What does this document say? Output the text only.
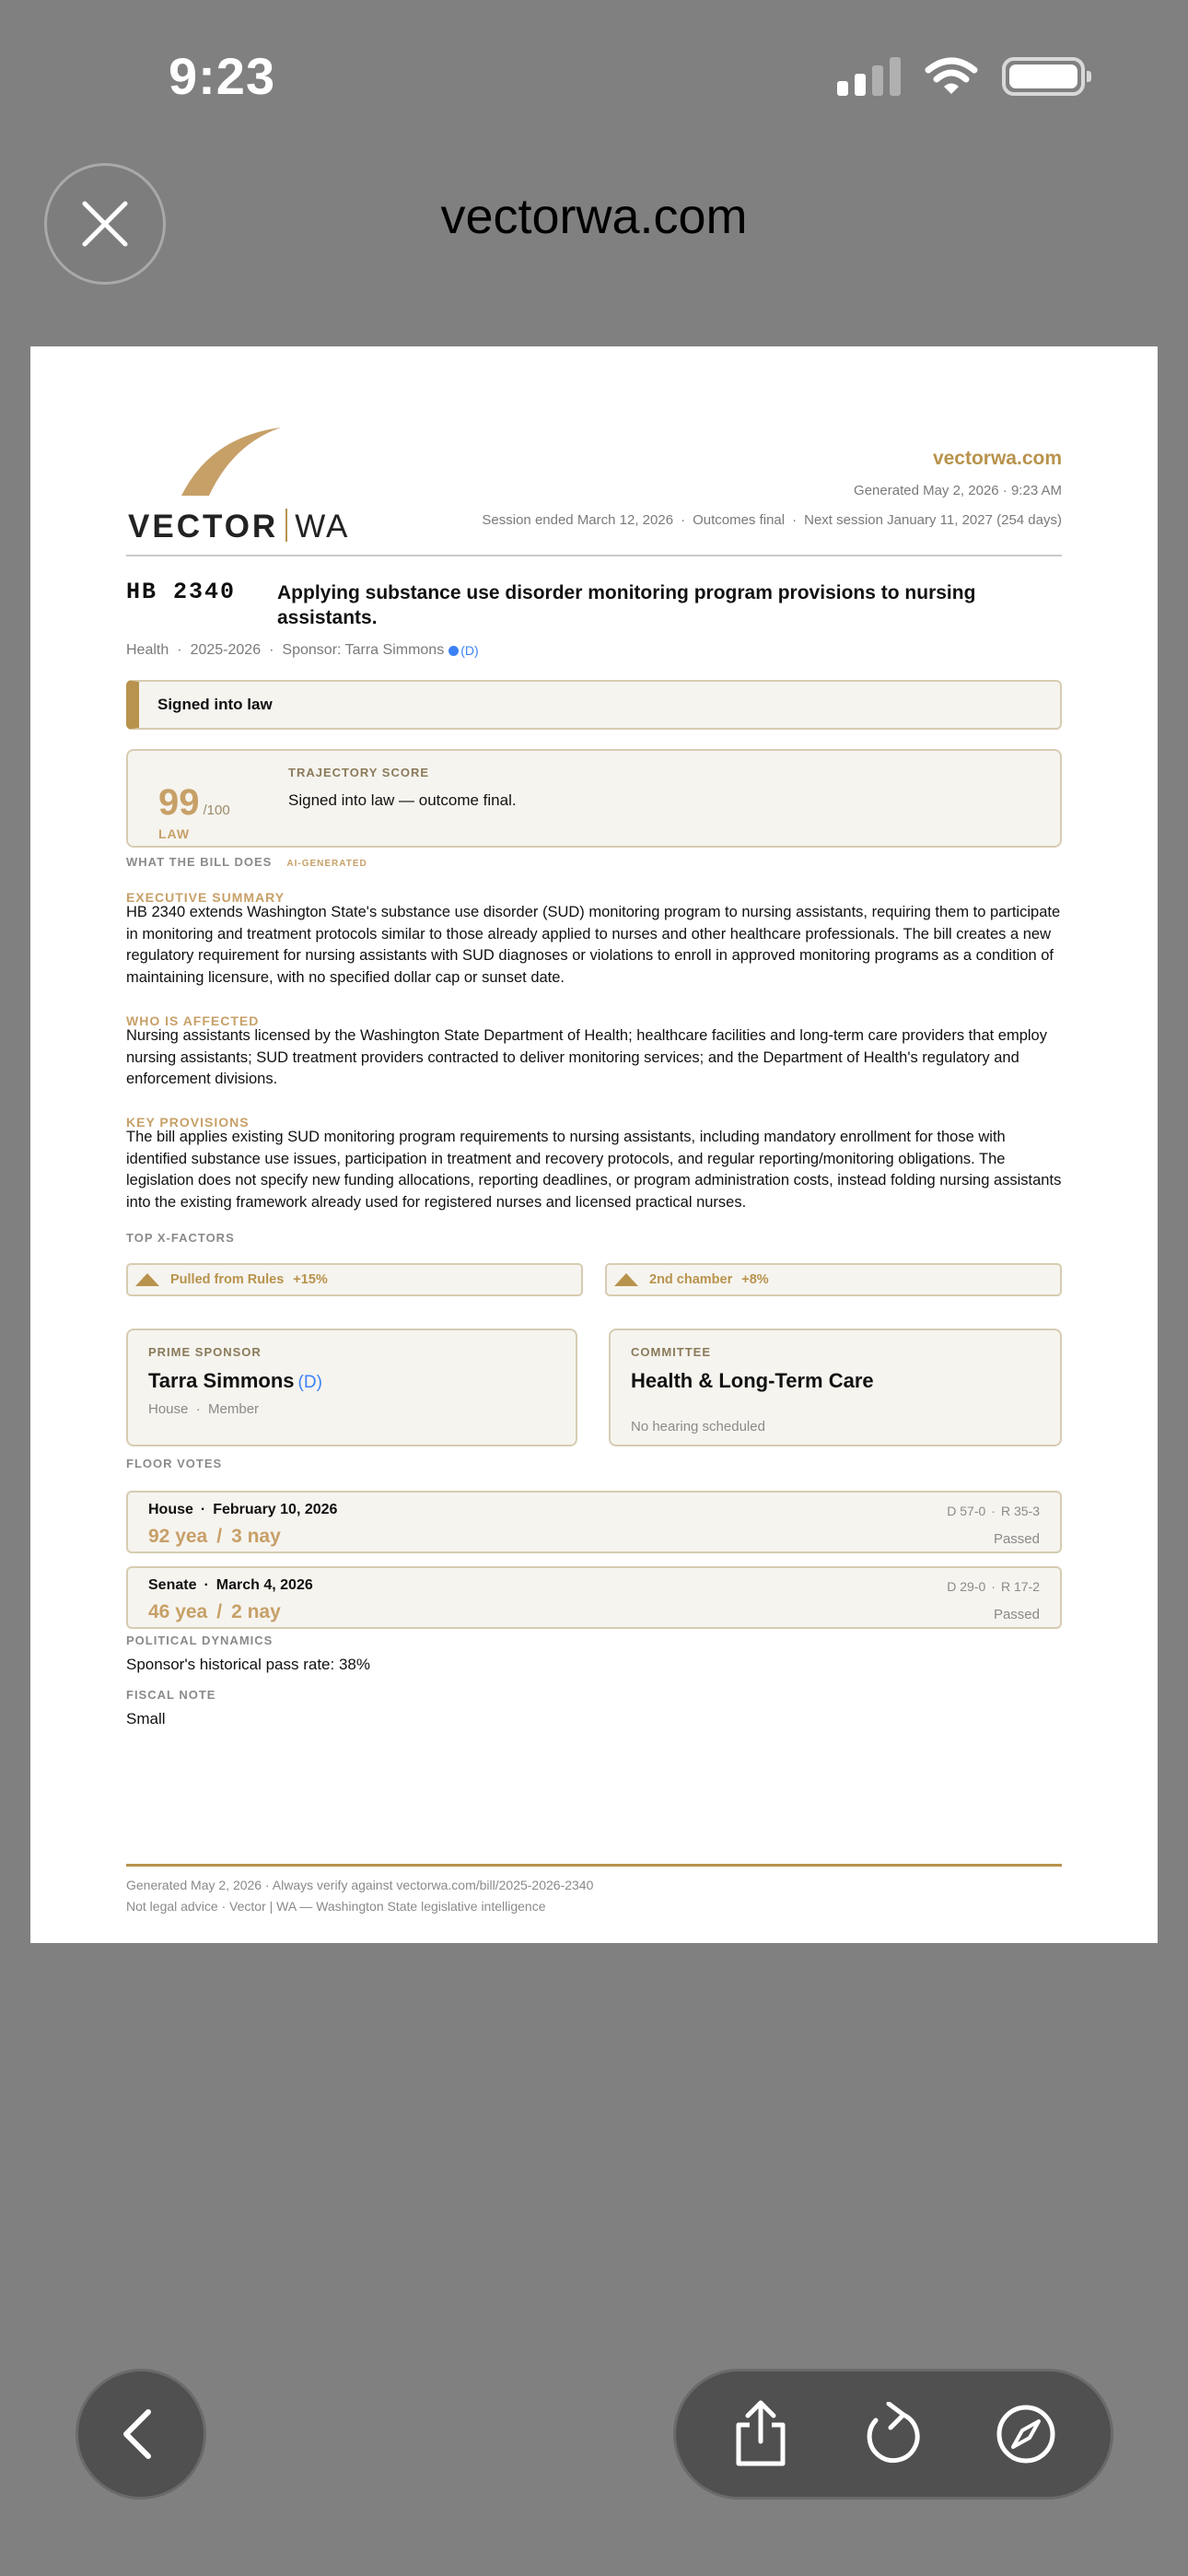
9:23
vectorwa.com
VECTOR WA
vectorwa.com
Generated May 2, 2026 · 9:23 AM
Session ended March 12, 2026 · Outcomes final · Next session January 11, 2027 (254 days)
HB 2340 Applying substance use disorder monitoring program provisions to nursing assistants.
Health · 2025-2026 · Sponsor: Tarra Simmons (D)
Signed into law
99 /100
LAW
TRAJECTORY SCORE
Signed into law — outcome final.
WHAT THE BILL DOES AI-GENERATED
EXECUTIVE SUMMARY
HB 2340 extends Washington State's substance use disorder (SUD) monitoring program to nursing assistants, requiring them to participate in monitoring and treatment protocols similar to those already applied to nurses and other healthcare professionals. The bill creates a new regulatory requirement for nursing assistants with SUD diagnoses or violations to enroll in approved monitoring programs as a condition of maintaining licensure, with no specified dollar cap or sunset date.
WHO IS AFFECTED
Nursing assistants licensed by the Washington State Department of Health; healthcare facilities and long-term care providers that employ nursing assistants; SUD treatment providers contracted to deliver monitoring services; and the Department of Health's regulatory and enforcement divisions.
KEY PROVISIONS
The bill applies existing SUD monitoring program requirements to nursing assistants, including mandatory enrollment for those with identified substance use issues, participation in treatment and recovery protocols, and regular reporting/monitoring obligations. The legislation does not specify new funding allocations, reporting deadlines, or program administration costs, instead folding nursing assistants into the existing framework already used for registered nurses and licensed practical nurses.
TOP X-FACTORS
Pulled from Rules +15%	2nd chamber +8%
PRIME SPONSOR
Tarra Simmons (D)
House  ·  Member
COMMITTEE
Health & Long-Term Care
No hearing scheduled
FLOOR VOTES
House · February 10, 2026
92 yea / 3 nay
D 57-0 · R 35-3
Passed
Senate · March 4, 2026
46 yea / 2 nay
D 29-0 · R 17-2
Passed
POLITICAL DYNAMICS
Sponsor's historical pass rate: 38%
FISCAL NOTE
Small
Generated May 2, 2026 · Always verify against vectorwa.com/bill/2025-2026-2340
Not legal advice · Vector | WA — Washington State legislative intelligence
